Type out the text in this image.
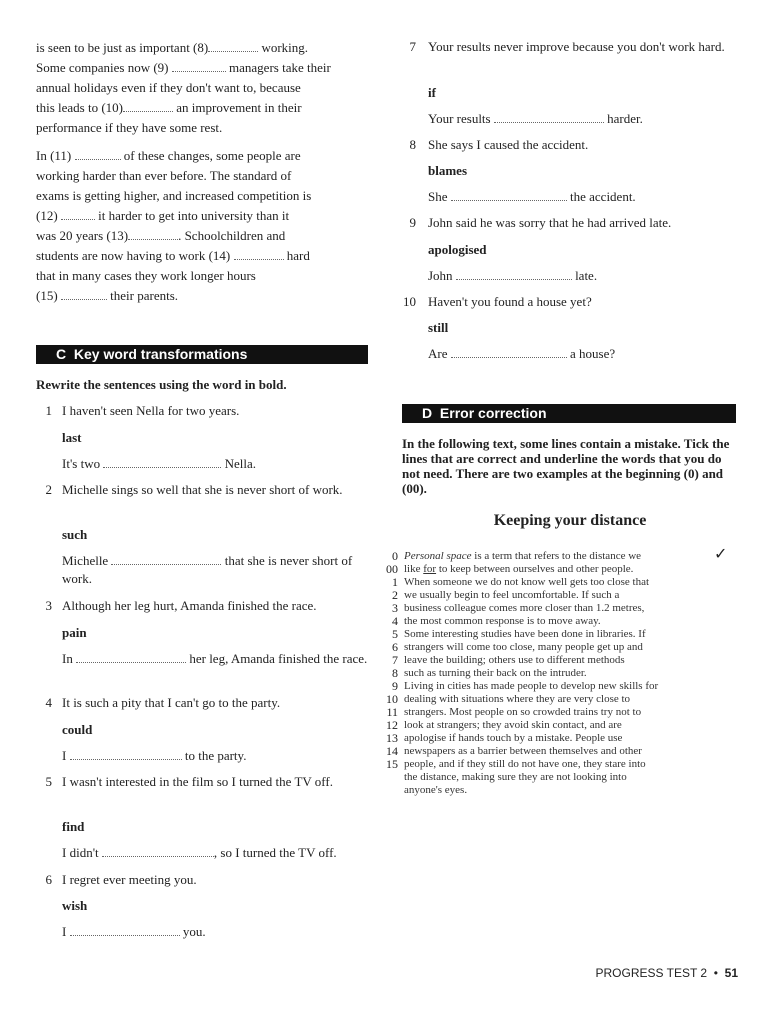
is seen to be just as important (8)	working.
Some companies now (9)	managers take their
annual holidays even if they don't want to, because
this leads to (10)	an improvement in their
performance if they have some rest.
In (11)	of these changes, some people are
working harder than ever before. The standard of
exams is getting higher, and increased competition is
(12)	it harder to get into university than it
was 20 years (13)	. Schoolchildren and
students are now having to work (14)	hard
that in many cases they work longer hours
(15)	their parents.
C Key word transformations
Rewrite the sentences using the word in bold.
1 I haven't seen Nella for two years.
last
It's two	Nella.
2 Michelle sings so well that she is never short of work.
such
Michelle	that she is never short of work.
3 Although her leg hurt, Amanda finished the race.
pain
In	her leg, Amanda finished the race.
4 It is such a pity that I can't go to the party.
could
I	to the party.
5 I wasn't interested in the film so I turned the TV off.
find
I didn't	, so I turned the TV off.
6 I regret ever meeting you.
wish
I	you.
7 Your results never improve because you don't work hard.
if
Your results	harder.
8 She says I caused the accident.
blames
She	the accident.
9 John said he was sorry that he had arrived late.
apologised
John	late.
10 Haven't you found a house yet?
still
Are	a house?
D Error correction
In the following text, some lines contain a mistake. Tick the lines that are correct and underline the words that you do not need. There are two examples at the beginning (0) and (00).
Keeping your distance
0 Personal space is a term that refers to the distance we	✓
00 like for to keep between ourselves and other people.
1 When someone we do not know well gets too close that
2 we usually begin to feel uncomfortable. If such a
3 business colleague comes more closer than 1.2 metres,
4 the most common response is to move away.
5 Some interesting studies have been done in libraries. If
6 strangers will come too close, many people get up and
7 leave the building; others use to different methods
8 such as turning their back on the intruder.
9 Living in cities has made people to develop new skills for
10 dealing with situations where they are very close to
11 strangers. Most people on so crowded trains try not to
12 look at strangers; they avoid skin contact, and are
13 apologise if hands touch by a mistake. People use
14 newspapers as a barrier between themselves and other
15 people, and if they still do not have one, they stare into
the distance, making sure they are not looking into
anyone's eyes.
PROGRESS TEST 2 • 51
